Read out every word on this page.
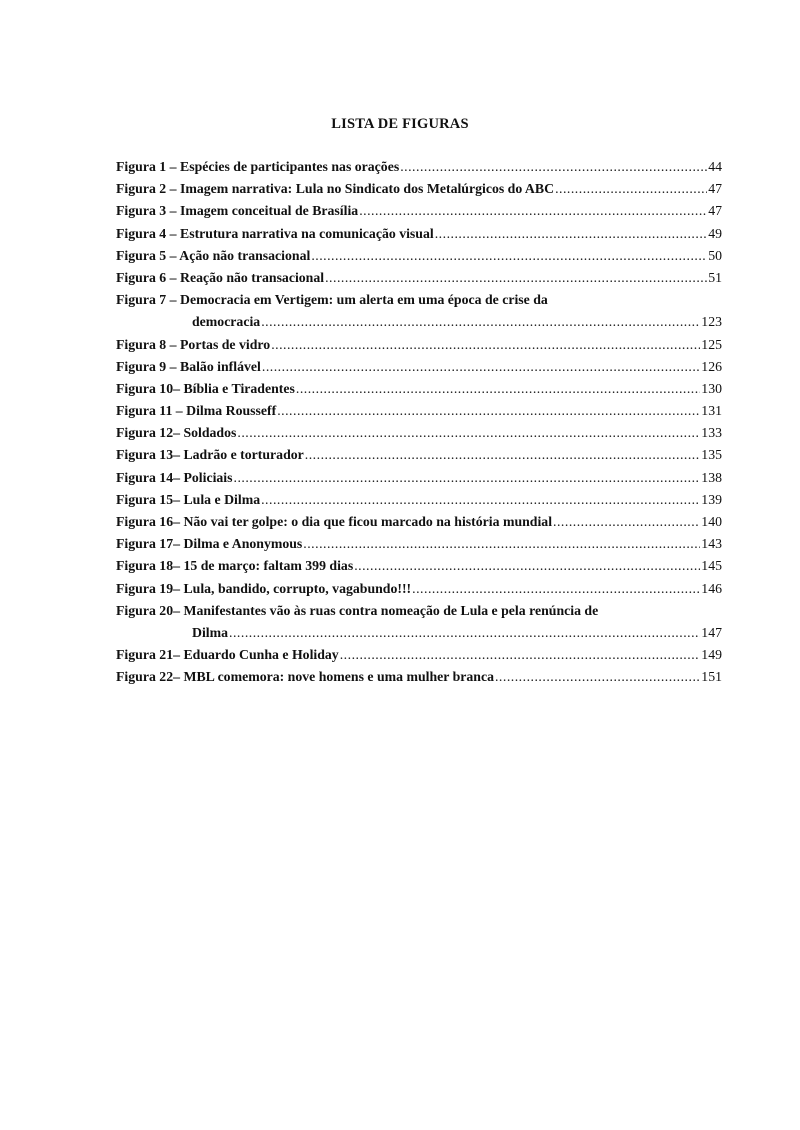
LISTA DE FIGURAS
Figura 1 – Espécies de participantes nas orações .....	44
Figura 2 – Imagem narrativa: Lula no Sindicato dos Metalúrgicos do ABC .....	47
Figura 3 – Imagem conceitual de Brasília .....	47
Figura 4 – Estrutura narrativa na comunicação visual .....	49
Figura 5 – Ação não transacional .....	50
Figura 6 – Reação não transacional .....	51
Figura 7 – Democracia em Vertigem: um alerta em uma época de crise da
democracia .....	123
Figura 8 – Portas de vidro .....	125
Figura 9 – Balão inflável .....	126
Figura 10– Bíblia e Tiradentes .....	130
Figura 11 – Dilma Rousseff .....	131
Figura 12– Soldados .....	133
Figura 13– Ladrão e torturador .....	135
Figura 14– Policiais .....	138
Figura 15– Lula e Dilma .....	139
Figura 16– Não vai ter golpe: o dia que ficou marcado na história mundial .....	140
Figura 17– Dilma e Anonymous .....	143
Figura 18– 15 de março: faltam 399 dias .....	145
Figura 19– Lula, bandido, corrupto, vagabundo!!! .....	146
Figura 20– Manifestantes vão às ruas contra nomeação de Lula e pela renúncia de
Dilma .....	147
Figura 21– Eduardo Cunha e Holiday .....	149
Figura 22– MBL comemora: nove homens e uma mulher branca .....	151
